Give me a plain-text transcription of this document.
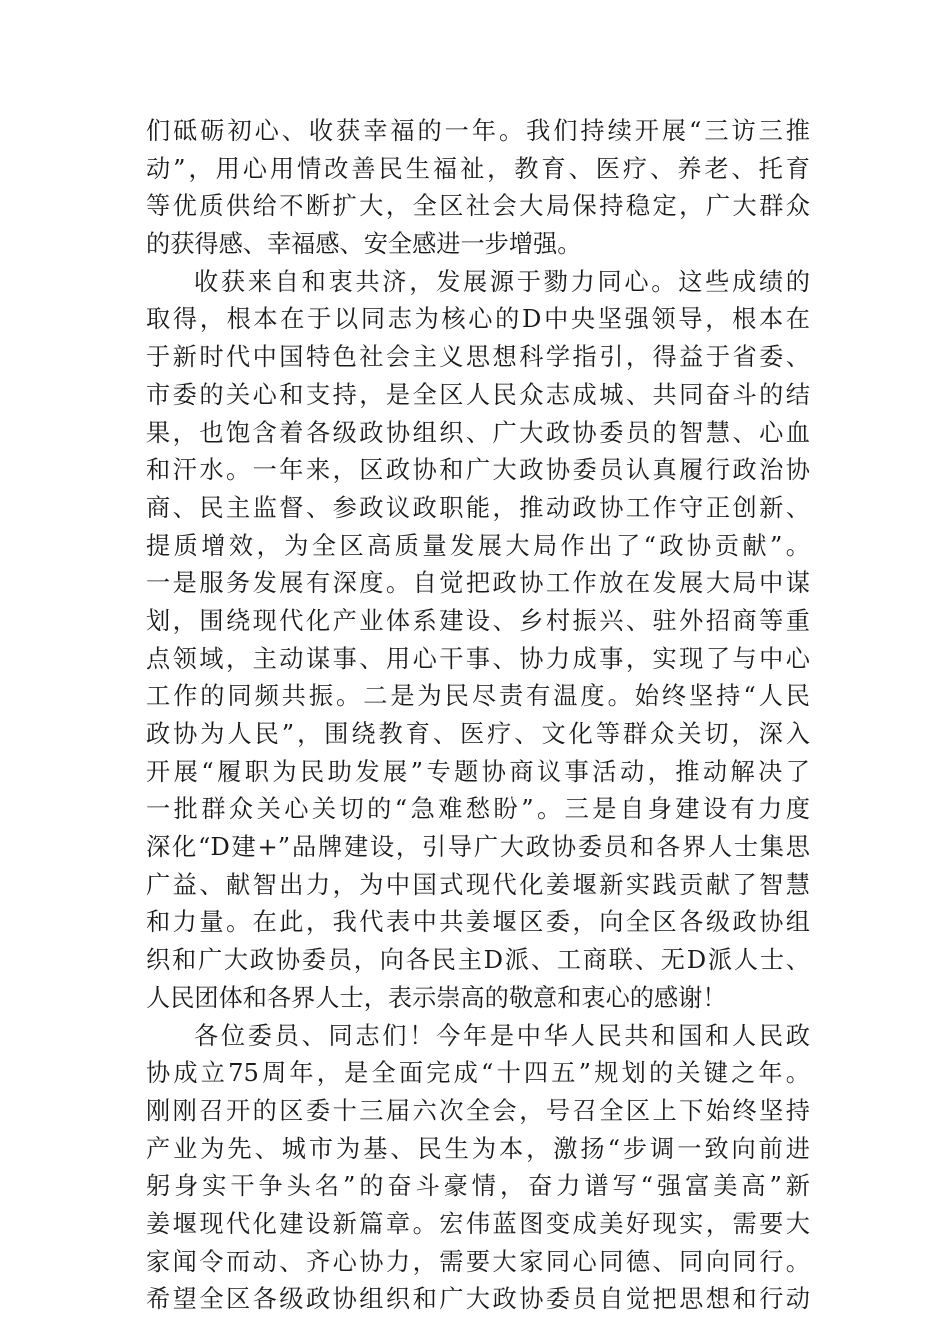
们砥砺初心、收获幸福的一年。我们持续开展“三访三推
动”，用心用情改善民生福祉，教育、医疗、养老、托育
等优质供给不断扩大，全区社会大局保持稳定，广大群众
的获得感、幸福感、安全感进一步增强。
收获来自和衷共济，发展源于勠力同心。这些成绩的
取得，根本在于以同志为核心的D中央坚强领导，根本在
于新时代中国特色社会主义思想科学指引，得益于省委、
市委的关心和支持，是全区人民众志成城、共同奋斗的结
果，也饱含着各级政协组织、广大政协委员的智慧、心血
和汗水。一年来，区政协和广大政协委员认真履行政治协
商、民主监督、参政议政职能，推动政协工作守正创新、
提质增效，为全区高质量发展大局作出了“政协贡献”。
一是服务发展有深度。自觉把政协工作放在发展大局中谋
划，围绕现代化产业体系建设、乡村振兴、驻外招商等重
点领域，主动谋事、用心干事、协力成事，实现了与中心
工作的同频共振。二是为民尽责有温度。始终坚持“人民
政协为人民”，围绕教育、医疗、文化等群众关切，深入
开展“履职为民助发展”专题协商议事活动，推动解决了
一批群众关心关切的“急难愁盼”。三是自身建设有力度
深化“D建+”品牌建设，引导广大政协委员和各界人士集思
广益、献智出力，为中国式现代化姜堰新实践贡献了智慧
和力量。在此，我代表中共姜堰区委，向全区各级政协组
织和广大政协委员，向各民主D派、工商联、无D派人士、
人民团体和各界人士，表示崇高的敬意和衷心的感谢！
各位委员、同志们！今年是中华人民共和国和人民政
协成立75周年，是全面完成“十四五”规划的关键之年。
刚刚召开的区委十三届六次全会，号召全区上下始终坚持
产业为先、城市为基、民生为本，激扬“步调一致向前进
躬身实干争头名”的奋斗豪情，奋力谱写“强富美高”新
姜堰现代化建设新篇章。宏伟蓝图变成美好现实，需要大
家闻令而动、齐心协力，需要大家同心同德、同向同行。
希望全区各级政协组织和广大政协委员自觉把思想和行动
